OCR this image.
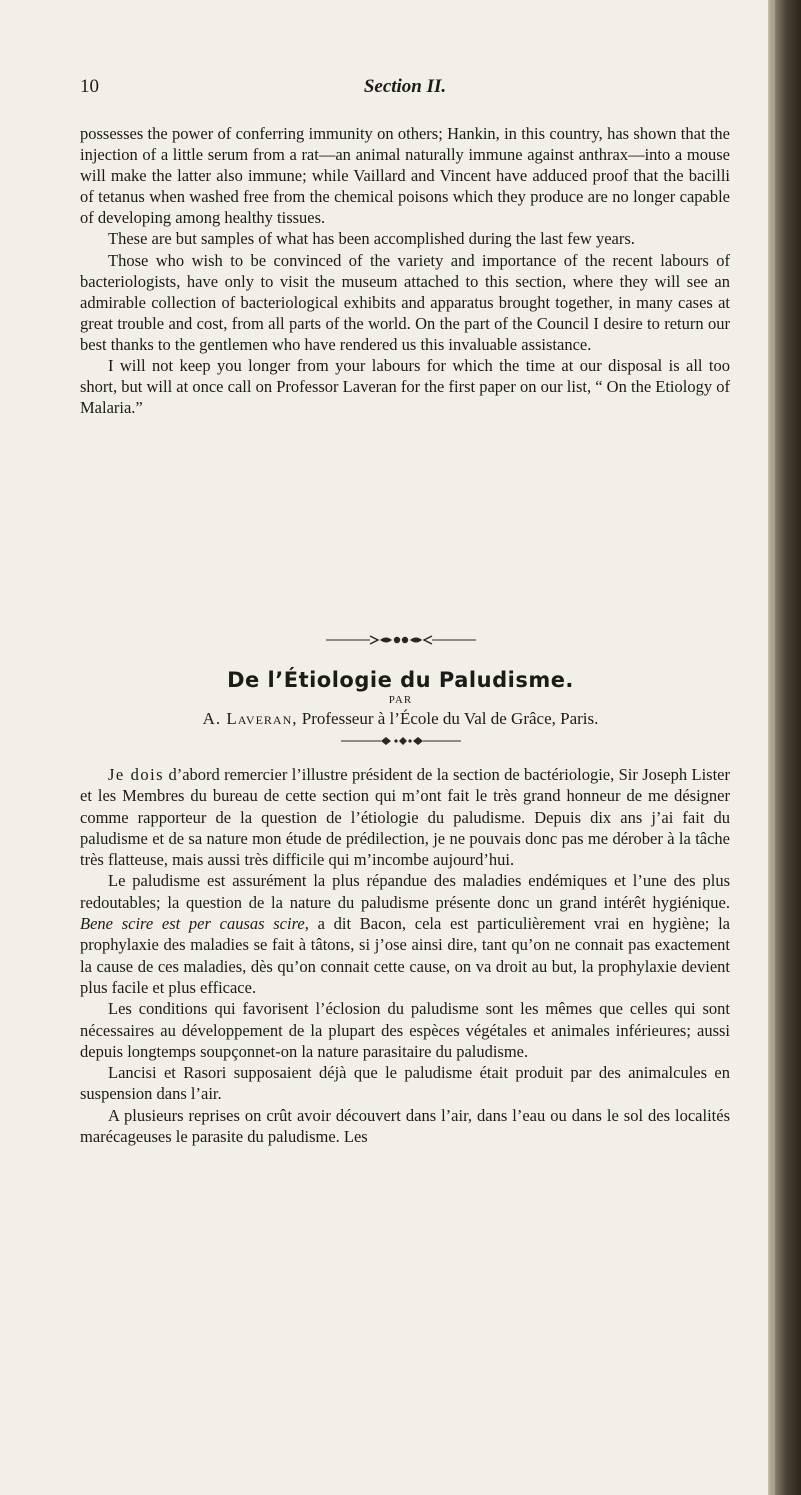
10	Section II.

possesses the power of conferring immunity on others; Hankin, in this country, has shown that the injection of a little serum from a rat—an animal naturally immune against anthrax—into a mouse will make the latter also immune; while Vaillard and Vincent have adduced proof that the bacilli of tetanus when washed free from the chemical poisons which they produce are no longer capable of developing among healthy tissues.

These are but samples of what has been accomplished during the last few years.

Those who wish to be convinced of the variety and importance of the recent labours of bacteriologists, have only to visit the museum attached to this section, where they will see an admirable collection of bacteriological exhibits and apparatus brought together, in many cases at great trouble and cost, from all parts of the world. On the part of the Council I desire to return our best thanks to the gentlemen who have rendered us this invaluable assistance.

I will not keep you longer from your labours for which the time at our disposal is all too short, but will at once call on Professor Laveran for the first paper on our list, “ On the Etiology of Malaria.”

De l’Étiologie du Paludisme.
PAR
A. Laveran, Professeur à l’École du Val de Grâce, Paris.

Je dois d’abord remercier l’illustre président de la section de bactériologie, Sir Joseph Lister et les Membres du bureau de cette section qui m’ont fait le très grand honneur de me désigner comme rapporteur de la question de l’étiologie du paludisme. Depuis dix ans j’ai fait du paludisme et de sa nature mon étude de prédilection, je ne pouvais donc pas me dérober à la tâche très flatteuse, mais aussi très difficile qui m’incombe aujourd’hui.

Le paludisme est assurément la plus répandue des maladies endémiques et l’une des plus redoutables; la question de la nature du paludisme présente donc un grand intérêt hygiénique. Bene scire est per causas scire, a dit Bacon, cela est particulièrement vrai en hygiène; la prophylaxie des maladies se fait à tâtons, si j’ose ainsi dire, tant qu’on ne connait pas exactement la cause de ces maladies, dès qu’on connait cette cause, on va droit au but, la prophylaxie devient plus facile et plus efficace.

Les conditions qui favorisent l’éclosion du paludisme sont les mêmes que celles qui sont nécessaires au développement de la plupart des espèces végétales et animales inférieures; aussi depuis longtemps soupçonnet-on la nature parasitaire du paludisme.

Lancisi et Rasori supposaient déjà que le paludisme était produit par des animalcules en suspension dans l’air.

A plusieurs reprises on crût avoir découvert dans l’air, dans l’eau ou dans le sol des localités marécageuses le parasite du paludisme. Les
